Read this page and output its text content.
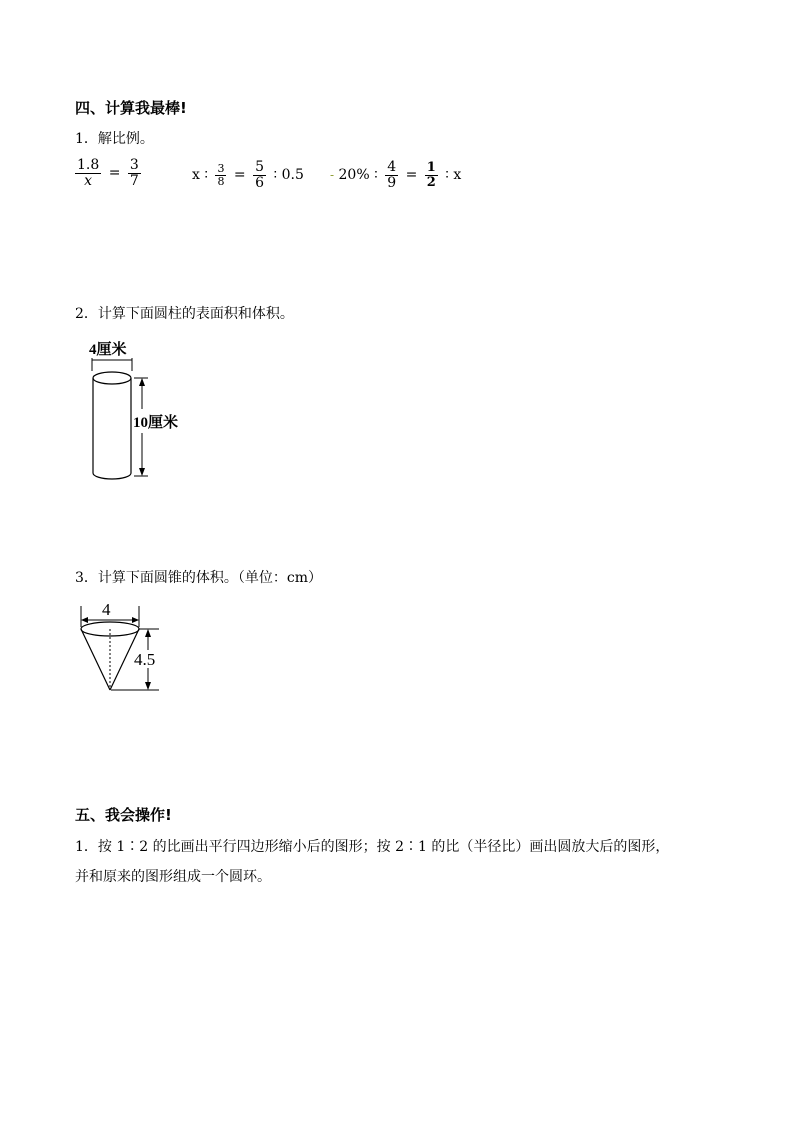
四、计算我最棒!
1．解比例。
$\frac{1.8}{x} = \frac{3}{7}$	x ∶ $\frac{3}{8} = \frac{5}{6}$ ∶ 0.5 - 20% ∶ $\frac{4}{9} = \frac{1}{2}$ ∶ x
2．计算下面圆柱的表面积和体积。
4厘米
10厘米
3．计算下面圆锥的体积。（单位：cm）
4
4.5
五、我会操作!
1．按 1∶2 的比画出平行四边形缩小后的图形；按 2∶1 的比（半径比）画出圆放大后的图形，
并和原来的图形组成一个圆环。
